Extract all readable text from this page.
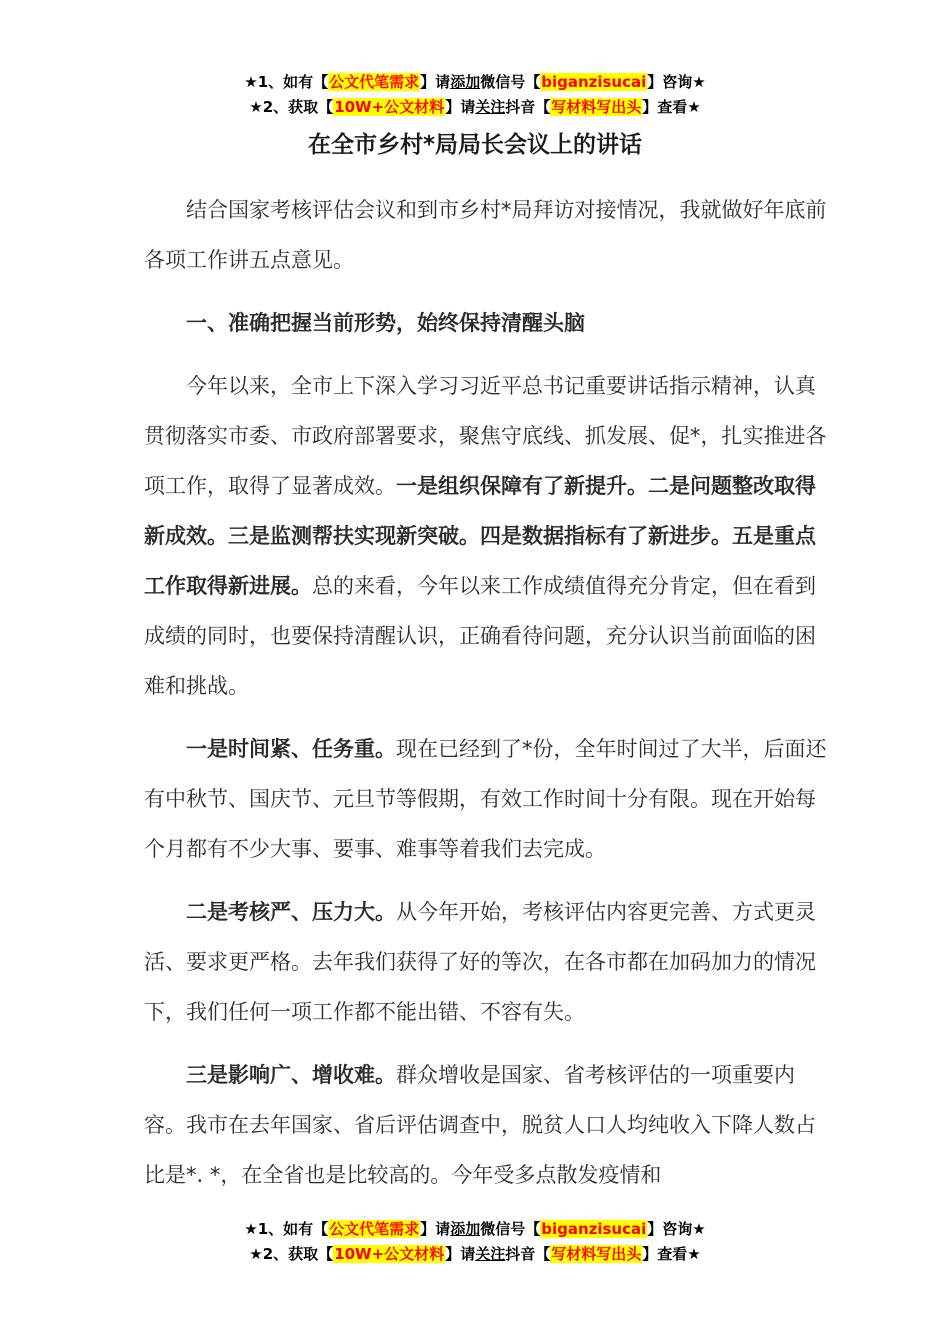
★1、如有【公文代笔需求】请添加微信号【biganzisucai】咨询★
★2、获取【10W+公文材料】请关注抖音【写材料写出头】查看★
在全市乡村*局局长会议上的讲话

结合国家考核评估会议和到市乡村*局拜访对接情况，我就做好年底前各项工作讲五点意见。

一、准确把握当前形势，始终保持清醒头脑

今年以来，全市上下深入学习习近平总书记重要讲话指示精神，认真贯彻落实市委、市政府部署要求，聚焦守底线、抓发展、促*，扎实推进各项工作，取得了显著成效。一是组织保障有了新提升。二是问题整改取得新成效。三是监测帮扶实现新突破。四是数据指标有了新进步。五是重点工作取得新进展。总的来看，今年以来工作成绩值得充分肯定，但在看到成绩的同时，也要保持清醒认识，正确看待问题，充分认识当前面临的困难和挑战。

一是时间紧、任务重。现在已经到了*份，全年时间过了大半，后面还有中秋节、国庆节、元旦节等假期，有效工作时间十分有限。现在开始每个月都有不少大事、要事、难事等着我们去完成。

二是考核严、压力大。从今年开始，考核评估内容更完善、方式更灵活、要求更严格。去年我们获得了好的等次，在各市都在加码加力的情况下，我们任何一项工作都不能出错、不容有失。

三是影响广、增收难。群众增收是国家、省考核评估的一项重要内容。我市在去年国家、省后评估调查中，脱贫人口人均纯收入下降人数占比是*. *，在全省也是比较高的。今年受多点散发疫情和

★1、如有【公文代笔需求】请添加微信号【biganzisucai】咨询★
★2、获取【10W+公文材料】请关注抖音【写材料写出头】查看★
